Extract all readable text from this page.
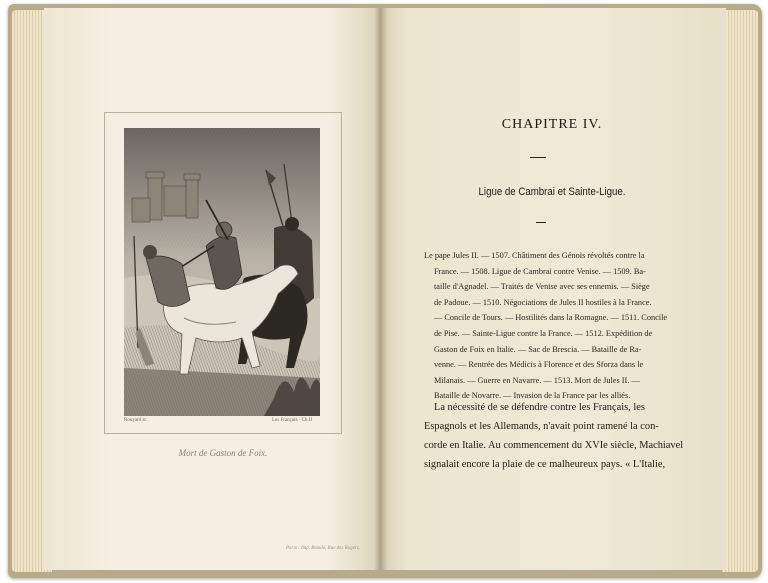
Rouyard sc.	Les Français · Ch.II
Mort de Gaston de Foix.
Paris : Imp. Beaulé, Rue des Rogers.
CHAPITRE IV.
Ligue de Cambrai et Sainte-Ligue.
Le pape Jules II. — 1507. Châtiment des Génois révoltés contre la
France. — 1508. Ligue de Cambrai contre Venise. — 1509. Ba-
taille d'Agnadel. — Traités de Venise avec ses ennemis. — Siège
de Padoue. — 1510. Négociations de Jules II hostiles à la France.
— Concile de Tours. — Hostilités dans la Romagne. — 1511. Concile
de Pise. — Sainte-Ligue contre la France. — 1512. Expédition de
Gaston de Foix en Italie. — Sac de Brescia. — Bataille de Ra-
venne. — Rentrée des Médicis à Florence et des Sforza dans le
Milanais. — Guerre en Navarre. — 1513. Mort de Jules II. —
Bataille de Novarre. — Invasion de la France par les alliés.
La nécessité de se défendre contre les Français, les
Espagnols et les Allemands, n'avait point ramené la con-
corde en Italie. Au commencement du XVIe siècle, Machiavel
signalait encore la plaie de ce malheureux pays. « L'Italie,
